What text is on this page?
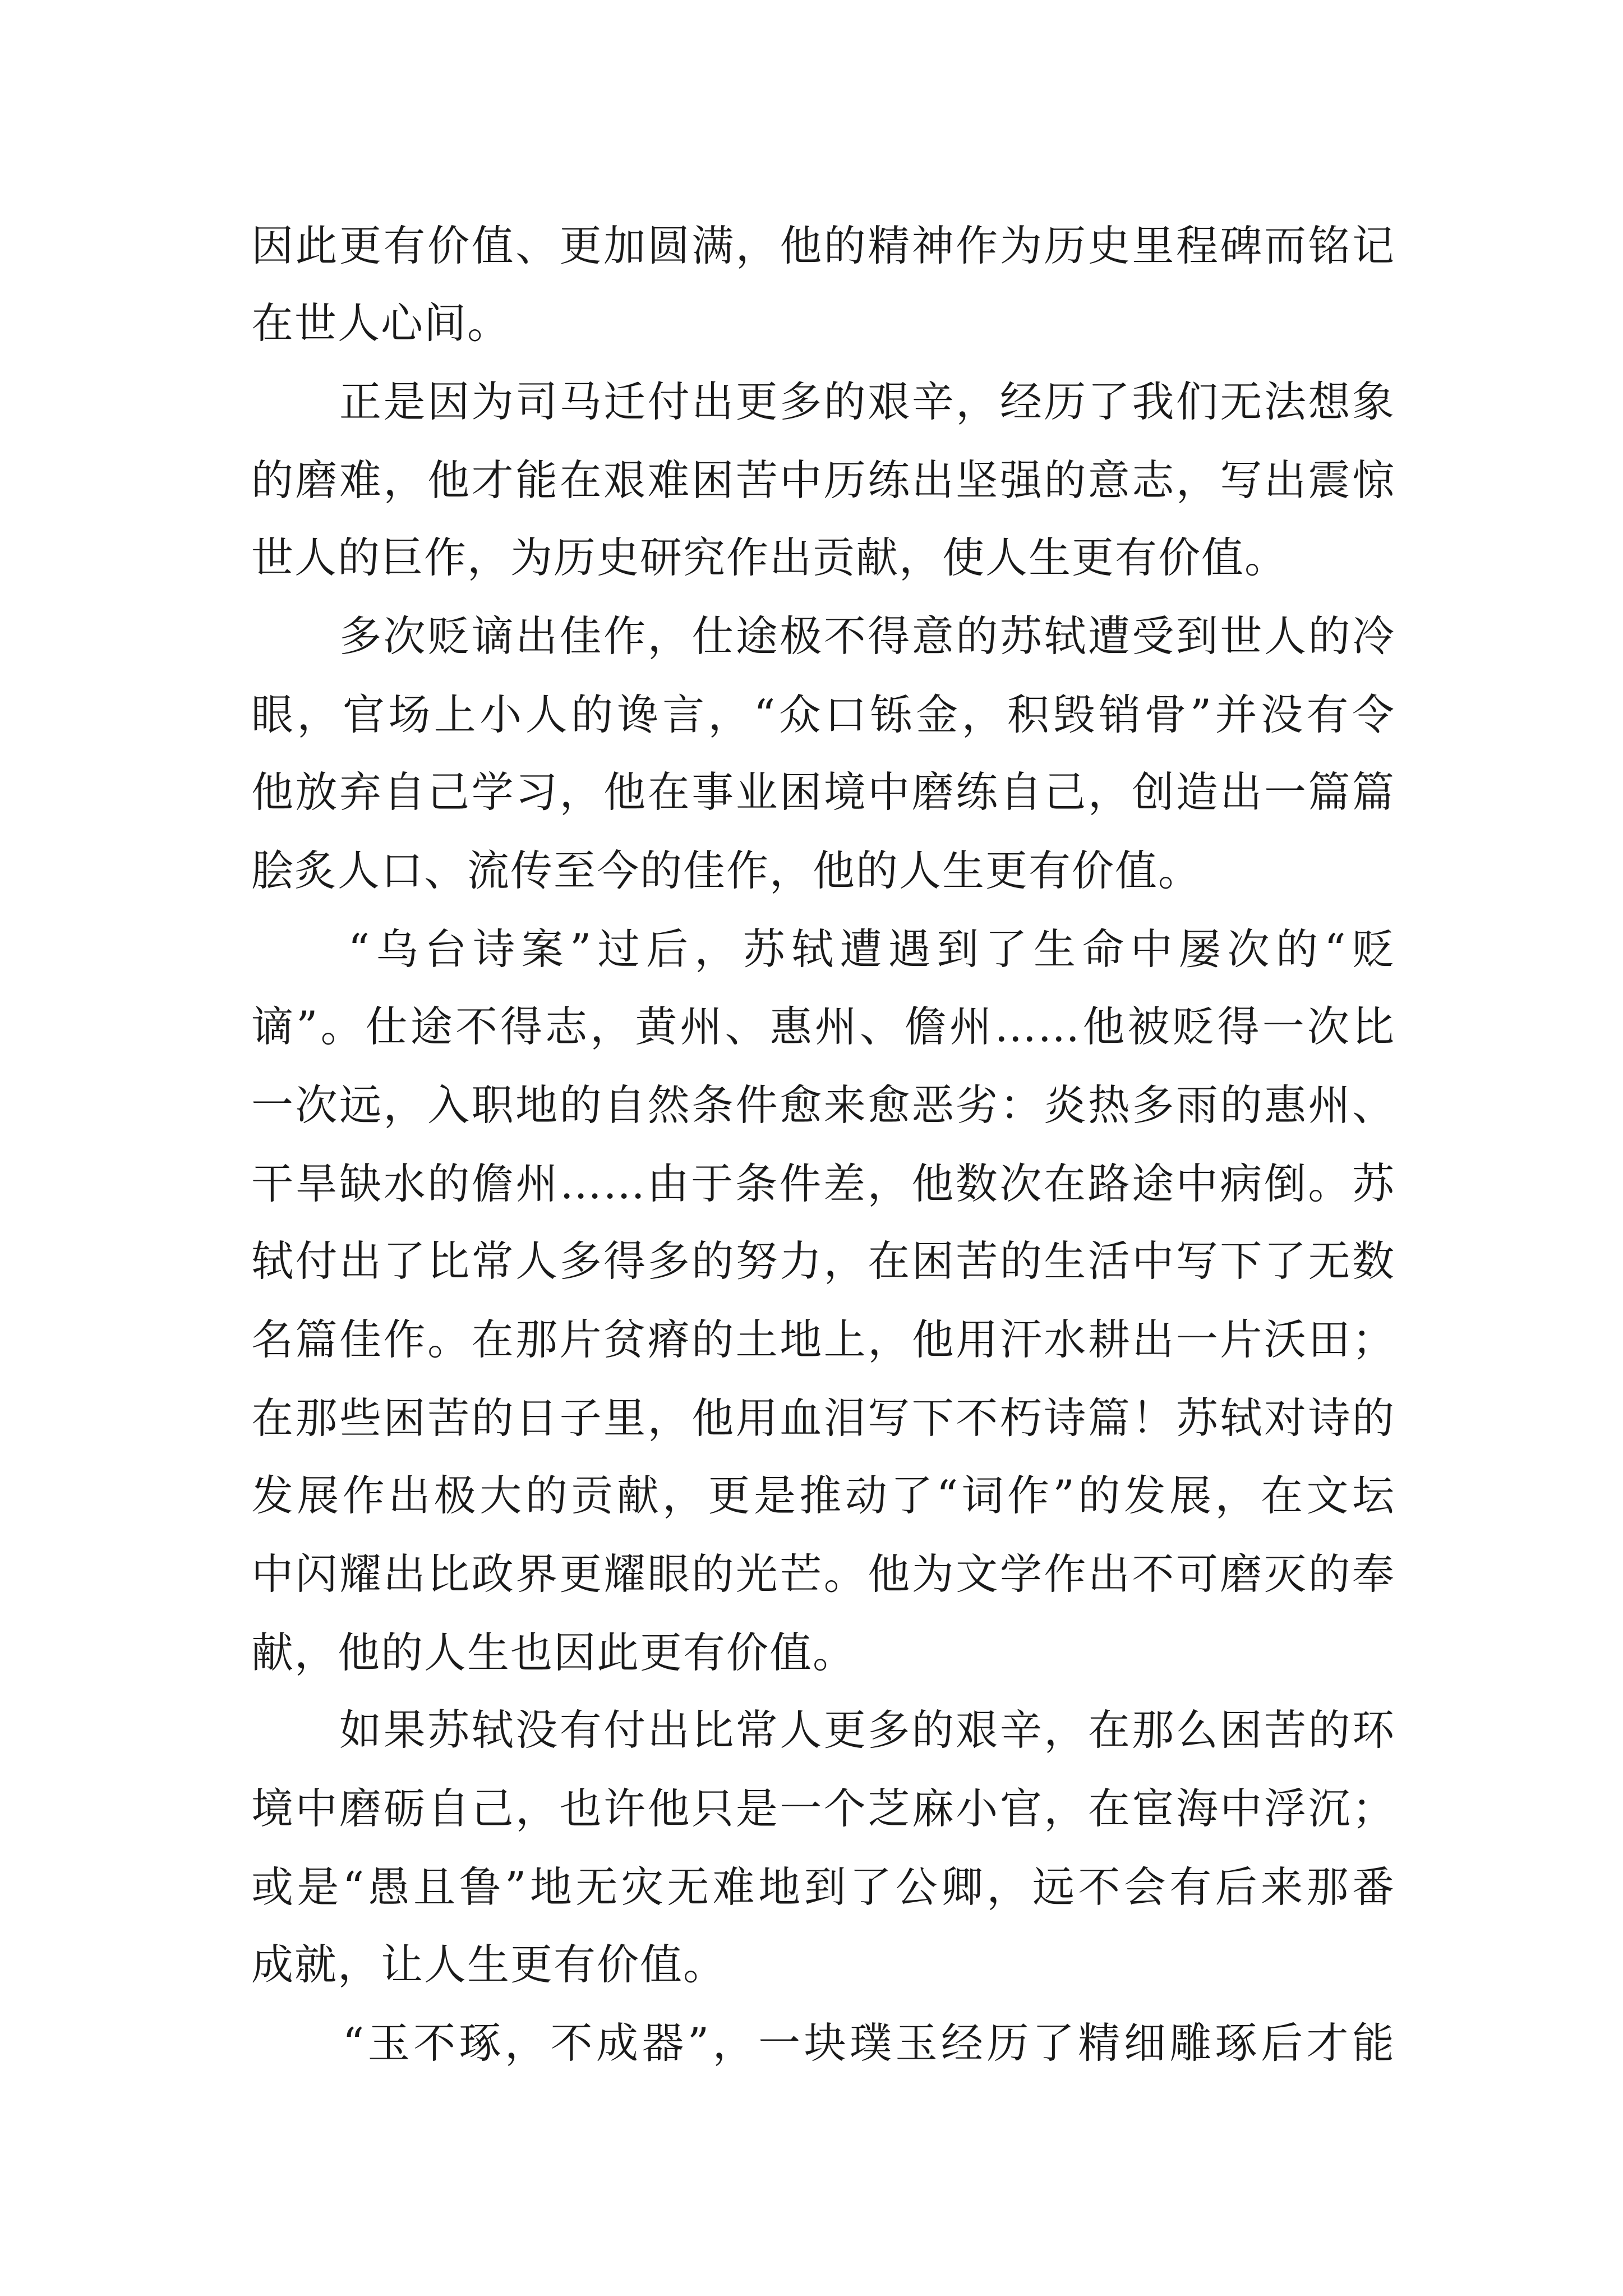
因此更有价值、更加圆满，他的精神作为历史里程碑而铭记
在世人心间。
　　正是因为司马迁付出更多的艰辛，经历了我们无法想象
的磨难，他才能在艰难困苦中历练出坚强的意志，写出震惊
世人的巨作，为历史研究作出贡献，使人生更有价值。
　　多次贬谪出佳作，仕途极不得意的苏轼遭受到世人的冷
眼，官场上小人的谗言，“众口铄金，积毁销骨”并没有令
他放弃自己学习，他在事业困境中磨练自己，创造出一篇篇
脍炙人口、流传至今的佳作，他的人生更有价值。
　　“乌台诗案”过后，苏轼遭遇到了生命中屡次的“贬
谪”。仕途不得志，黄州、惠州、儋州……他被贬得一次比
一次远，入职地的自然条件愈来愈恶劣：炎热多雨的惠州、
干旱缺水的儋州……由于条件差，他数次在路途中病倒。苏
轼付出了比常人多得多的努力，在困苦的生活中写下了无数
名篇佳作。在那片贫瘠的土地上，他用汗水耕出一片沃田；
在那些困苦的日子里，他用血泪写下不朽诗篇！苏轼对诗的
发展作出极大的贡献，更是推动了“词作”的发展，在文坛
中闪耀出比政界更耀眼的光芒。他为文学作出不可磨灭的奉
献，他的人生也因此更有价值。
　　如果苏轼没有付出比常人更多的艰辛，在那么困苦的环
境中磨砺自己，也许他只是一个芝麻小官，在宦海中浮沉；
或是“愚且鲁”地无灾无难地到了公卿，远不会有后来那番
成就，让人生更有价值。
　　“玉不琢，不成器”，一块璞玉经历了精细雕琢后才能
